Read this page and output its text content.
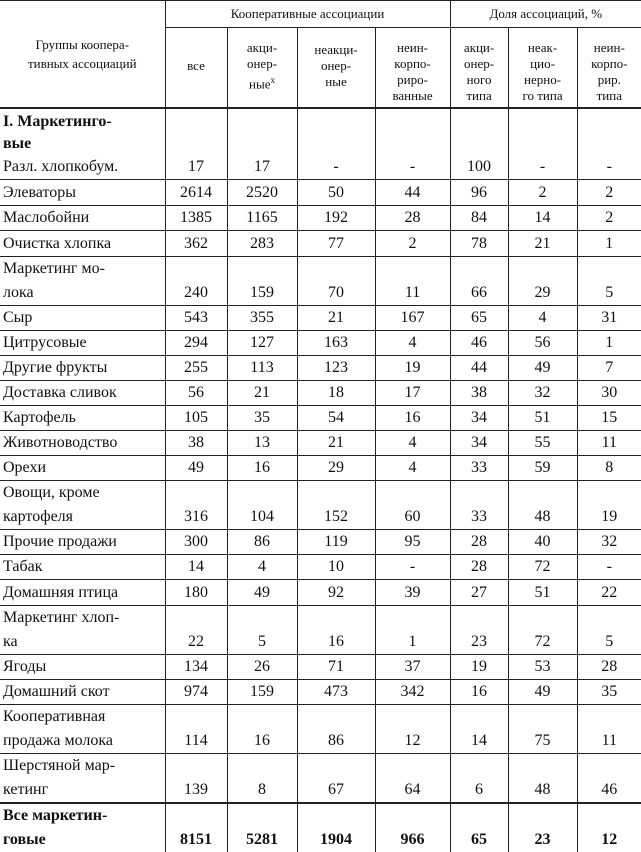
Группы коопера-
тивных ассоциаций	Кооперативные ассоциации				Доля ассоциаций, %		
	все	акци-
онер-
ные$^х$	неакци-
онер-
ные	неин-
корпо-
риро-
ванные	акци-
онер-
ного
типа	неак-
цио-
нерно-
го типа	неин-
корпо-
рир.
типа
I. Маркетинго-
вые							
Разл. хлопкобум.	17	17	-	-	100	-	-
Элеваторы	2614	2520	50	44	96	2	2
Маслобойни	1385	1165	192	28	84	14	2
Очистка хлопка	362	283	77	2	78	21	1
Маркетинг мо-
лока	240	159	70	11	66	29	5
Сыр	543	355	21	167	65	4	31
Цитрусовые	294	127	163	4	46	56	1
Другие фрукты	255	113	123	19	44	49	7
Доставка сливок	56	21	18	17	38	32	30
Картофель	105	35	54	16	34	51	15
Животноводство	38	13	21	4	34	55	11
Орехи	49	16	29	4	33	59	8
Овощи, кроме
картофеля	316	104	152	60	33	48	19
Прочие продажи	300	86	119	95	28	40	32
Табак	14	4	10	-	28	72	-
Домашняя птица	180	49	92	39	27	51	22
Маркетинг хлоп-
ка	22	5	16	1	23	72	5
Ягоды	134	26	71	37	19	53	28
Домашний скот	974	159	473	342	16	49	35
Кооперативная
продажа молока	114	16	86	12	14	75	11
Шерстяной мар-
кетинг	139	8	67	64	6	48	46
Все маркетин-
говые	8151	5281	1904	966	65	23	12
